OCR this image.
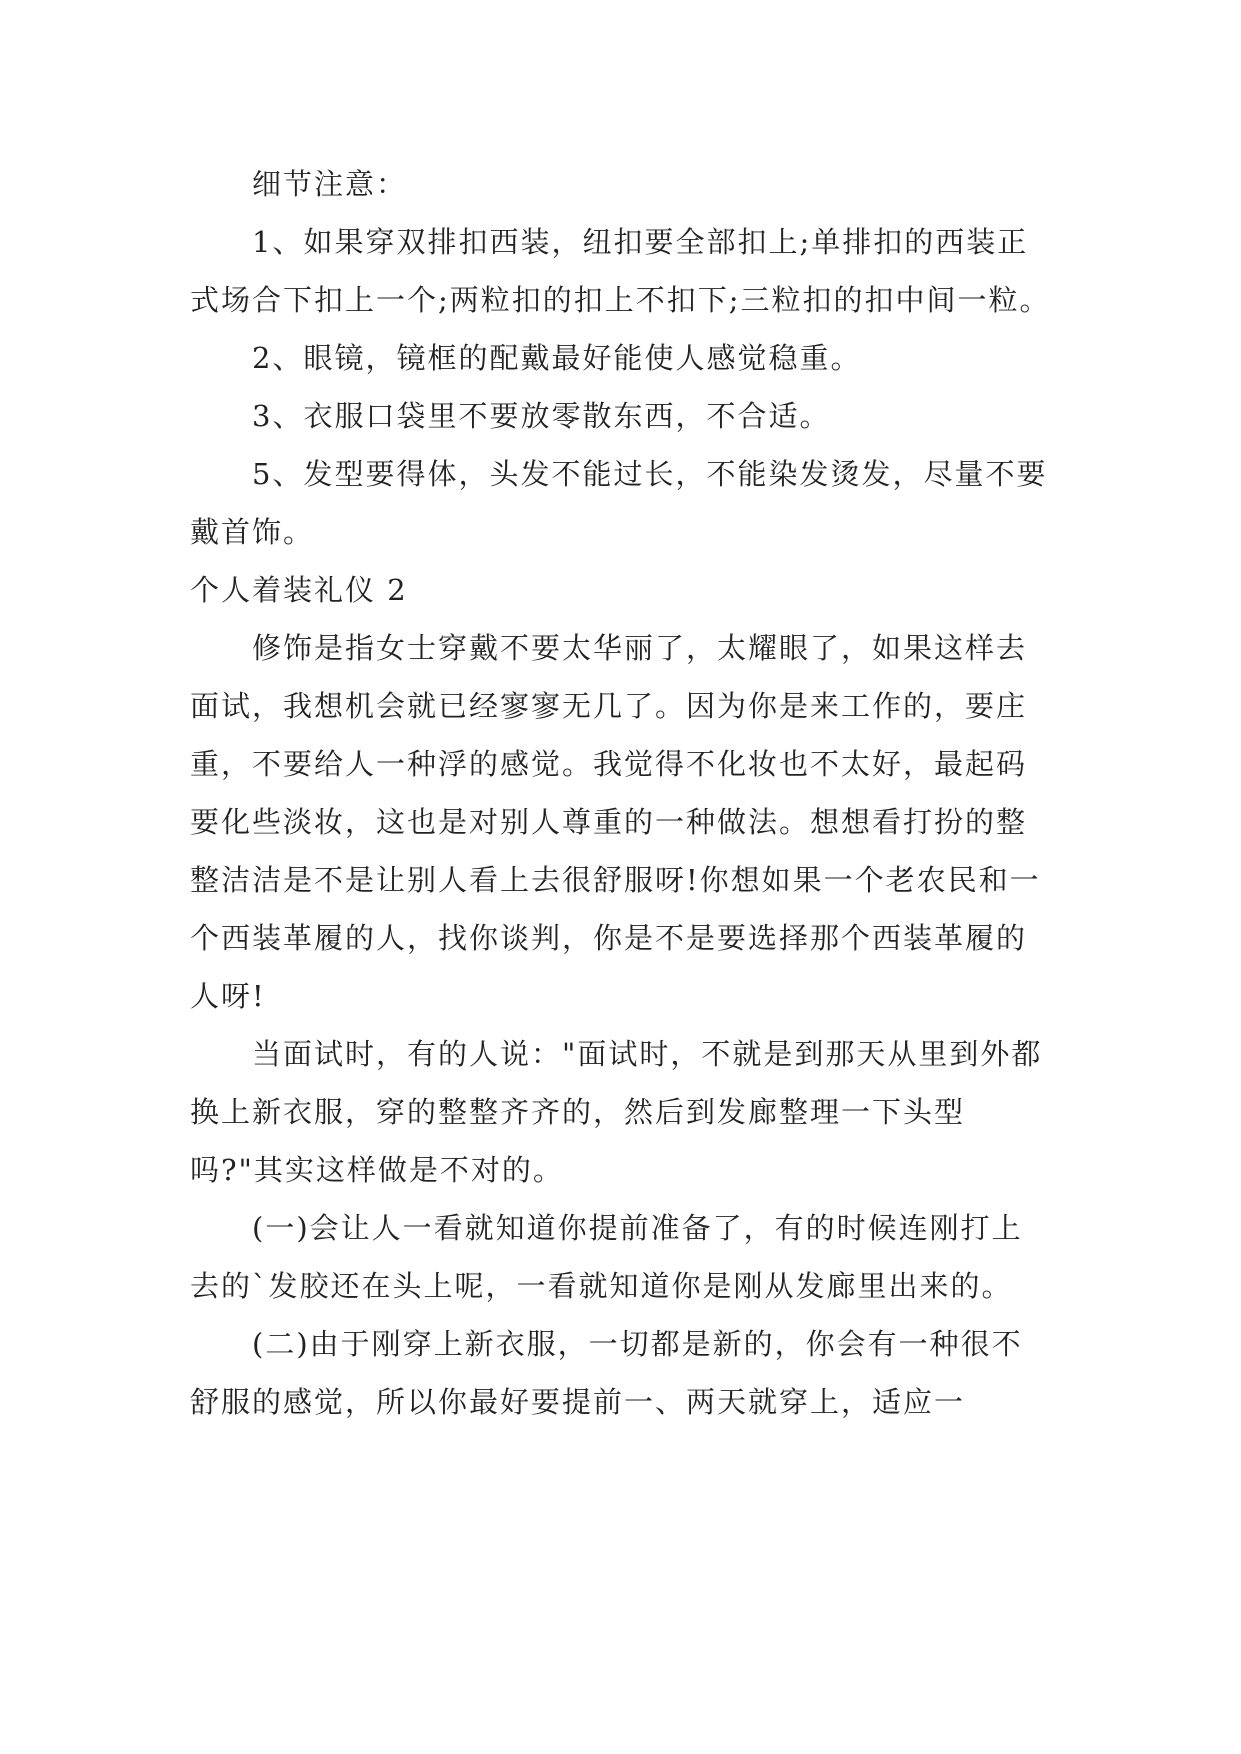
细节注意：

1、如果穿双排扣西装，纽扣要全部扣上;单排扣的西装正式场合下扣上一个;两粒扣的扣上不扣下;三粒扣的扣中间一粒。

2、眼镜，镜框的配戴最好能使人感觉稳重。

3、衣服口袋里不要放零散东西，不合适。

5、发型要得体，头发不能过长，不能染发烫发，尽量不要戴首饰。

个人着装礼仪 2

修饰是指女士穿戴不要太华丽了，太耀眼了，如果这样去面试，我想机会就已经寥寥无几了。因为你是来工作的，要庄重，不要给人一种浮的感觉。我觉得不化妆也不太好，最起码要化些淡妆，这也是对别人尊重的一种做法。想想看打扮的整整洁洁是不是让别人看上去很舒服呀!你想如果一个老农民和一个西装革履的人，找你谈判，你是不是要选择那个西装革履的人呀!

当面试时，有的人说："面试时，不就是到那天从里到外都换上新衣服，穿的整整齐齐的，然后到发廊整理一下头型吗?"其实这样做是不对的。

(一)会让人一看就知道你提前准备了，有的时候连刚打上去的`发胶还在头上呢，一看就知道你是刚从发廊里出来的。

(二)由于刚穿上新衣服，一切都是新的，你会有一种很不舒服的感觉，所以你最好要提前一、两天就穿上，适应一
